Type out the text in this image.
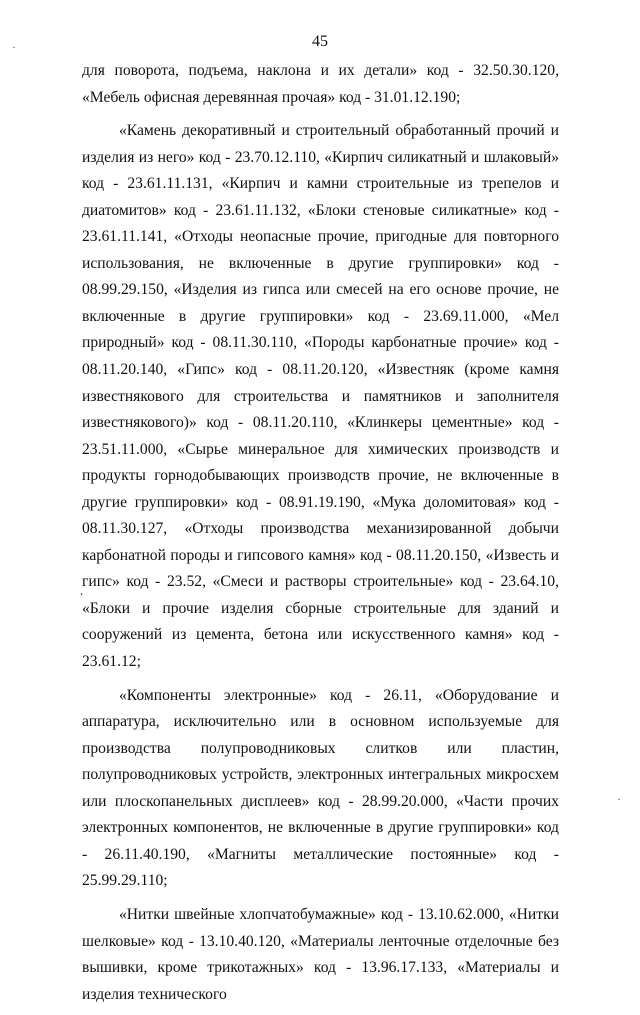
45
·
,
·

для поворота, подъема, наклона и их детали» код - 32.50.30.120, «Мебель офисная деревянная прочая» код - 31.01.12.190;

«Камень декоративный и строительный обработанный прочий и изделия из него» код - 23.70.12.110, «Кирпич силикатный и шлаковый» код - 23.61.11.131, «Кирпич и камни строительные из трепелов и диатомитов» код - 23.61.11.132, «Блоки стеновые силикатные» код - 23.61.11.141, «Отходы неопасные прочие, пригодные для повторного использования, не включенные в другие группировки» код - 08.99.29.150, «Изделия из гипса или смесей на его основе прочие, не включенные в другие группировки» код - 23.69.11.000, «Мел природный» код - 08.11.30.110, «Породы карбонатные прочие» код - 08.11.20.140, «Гипс» код - 08.11.20.120, «Известняк (кроме камня известнякового для строительства и памятников и заполнителя известнякового)» код - 08.11.20.110, «Клинкеры цементные» код - 23.51.11.000, «Сырье минеральное для химических производств и продукты горнодобывающих производств прочие, не включенные в другие группировки» код - 08.91.19.190, «Мука доломитовая» код - 08.11.30.127, «Отходы производства механизированной добычи карбонатной породы и гипсового камня» код - 08.11.20.150, «Известь и гипс» код - 23.52, «Смеси и растворы строительные» код - 23.64.10, «Блоки и прочие изделия сборные строительные для зданий и сооружений из цемента, бетона или искусственного камня» код - 23.61.12;

«Компоненты электронные» код - 26.11, «Оборудование и аппаратура, исключительно или в основном используемые для производства полупроводниковых слитков или пластин, полупроводниковых устройств, электронных интегральных микросхем или плоскопанельных дисплеев» код - 28.99.20.000, «Части прочих электронных компонентов, не включенные в другие группировки» код - 26.11.40.190, «Магниты металлические постоянные» код - 25.99.29.110;

«Нитки швейные хлопчатобумажные» код - 13.10.62.000, «Нитки шелковые» код - 13.10.40.120, «Материалы ленточные отделочные без вышивки, кроме трикотажных» код - 13.96.17.133, «Материалы и изделия технического
